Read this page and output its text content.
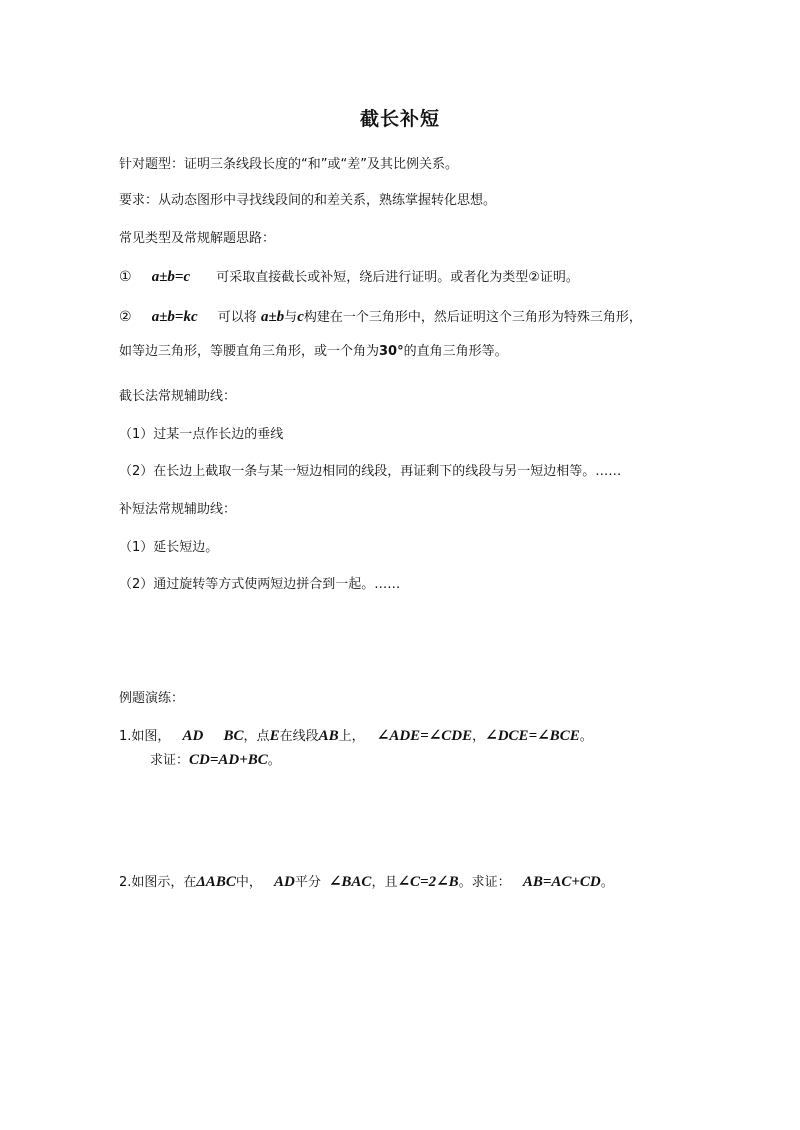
截长补短
针对题型：证明三条线段长度的“和”或“差”及其比例关系。
要求：从动态图形中寻找线段间的和差关系，熟练掌握转化思想。
常见类型及常规解题思路：
① a±b=c 可采取直接截长或补短，绕后进行证明。或者化为类型②证明。
② a±b=kc 可以将 a±b与c构建在一个三角形中，然后证明这个三角形为特殊三角形，
如等边三角形，等腰直角三角形，或一个角为30°的直角三角形等。
截长法常规辅助线：
（1）过某一点作长边的垂线
（2）在长边上截取一条与某一短边相同的线段，再证剩下的线段与另一短边相等。……
补短法常规辅助线：
（1）延长短边。
（2）通过旋转等方式使两短边拼合到一起。……
例题演练：
1.如图， AD BC，点E在线段AB上， ∠ADE=∠CDE，∠DCE=∠BCE。
求证：CD=AD+BC。
2.如图示，在ΔABC中， AD平分 ∠BAC，且∠C=2∠B。求证： AB=AC+CD。
